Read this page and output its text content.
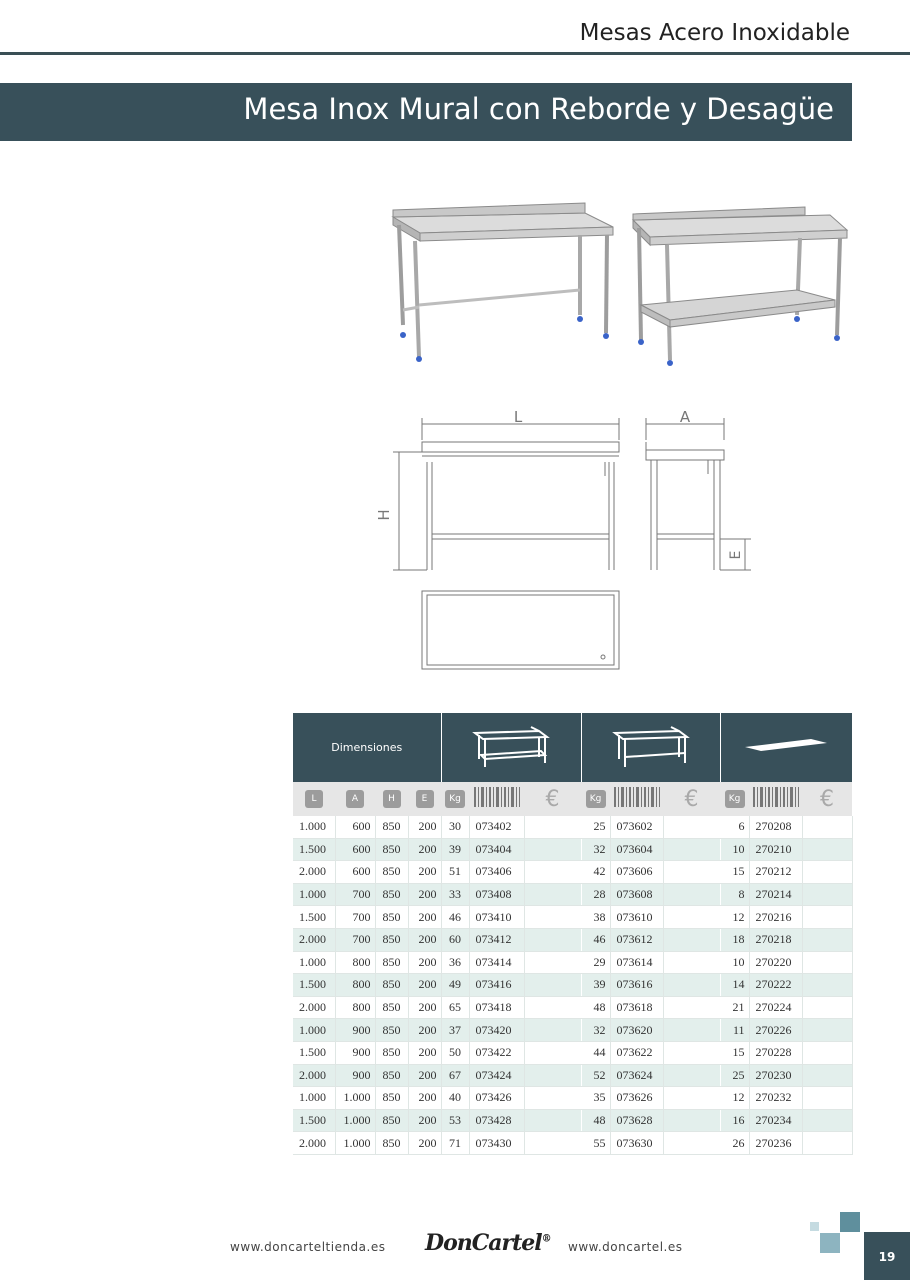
Mesas Acero Inoxidable
Mesa Inox Mural con Reborde y Desagüe
L	A
H
E
Dimensiones			
L	A	H	E	Kg		€	Kg		€	Kg		€
1.000	600	850	200	30	073402		25	073602		6	270208	
1.500	600	850	200	39	073404		32	073604		10	270210	
2.000	600	850	200	51	073406		42	073606		15	270212	
1.000	700	850	200	33	073408		28	073608		8	270214	
1.500	700	850	200	46	073410		38	073610		12	270216	
2.000	700	850	200	60	073412		46	073612		18	270218	
1.000	800	850	200	36	073414		29	073614		10	270220	
1.500	800	850	200	49	073416		39	073616		14	270222	
2.000	800	850	200	65	073418		48	073618		21	270224	
1.000	900	850	200	37	073420		32	073620		11	270226	
1.500	900	850	200	50	073422		44	073622		15	270228	
2.000	900	850	200	67	073424		52	073624		25	270230	
1.000	1.000	850	200	40	073426		35	073626		12	270232	
1.500	1.000	850	200	53	073428		48	073628		16	270234	
2.000	1.000	850	200	71	073430		55	073630		26	270236	
www.doncarteltienda.es DonCartel®
www.doncartel.es
19
